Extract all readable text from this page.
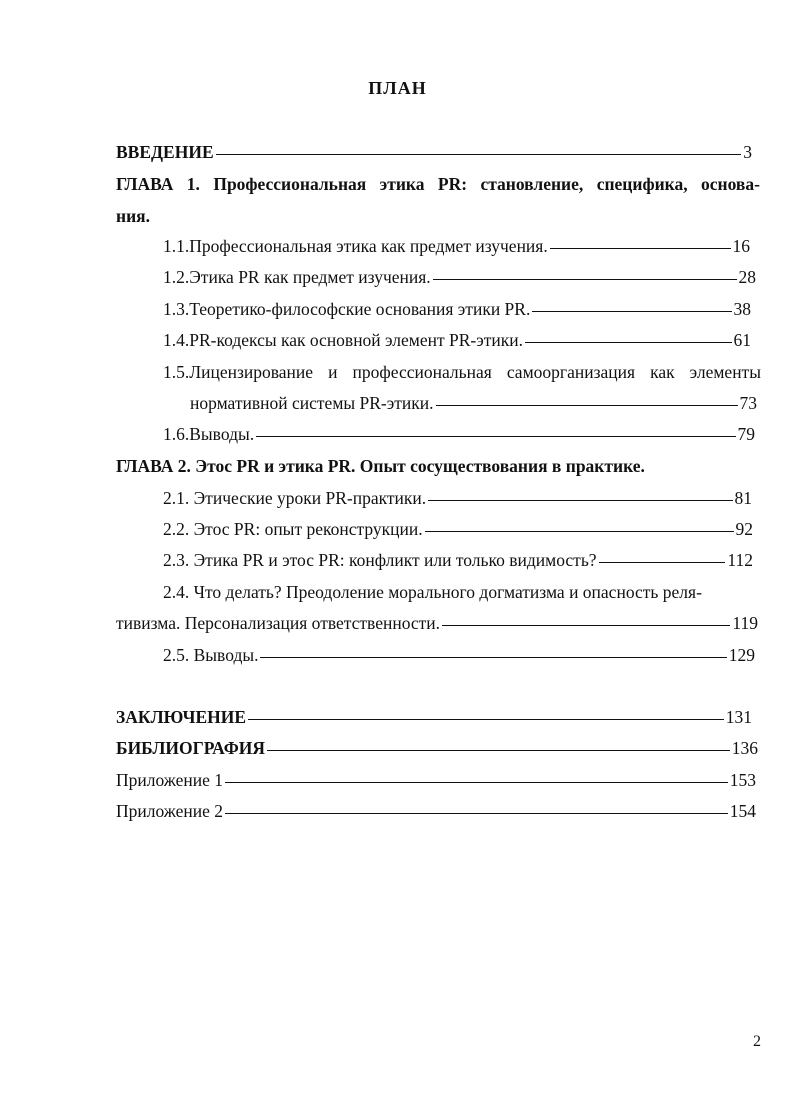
ПЛАН
ВВЕДЕНИЕ	3
ГЛАВА 1. Профессиональная этика PR: становление, специфика, основа-
ния.
1.1.Профессиональная этика как предмет изучения.	16
1.2.Этика PR как предмет изучения.	28
1.3.Теоретико-философские основания этики PR.	38
1.4.PR-кодексы как основной элемент PR-этики.	61
1.5.Лицензирование и профессиональная самоорганизация как элементы
нормативной системы PR-этики.	73
1.6.Выводы.	79
ГЛАВА 2. Этос PR и этика PR. Опыт сосуществования в практике.
2.1. Этические уроки PR-практики.	81
2.2. Этос PR: опыт реконструкции.	92
2.3. Этика PR и этос PR: конфликт или только видимость?	112
2.4. Что делать? Преодоление морального догматизма и опасность реля-
тивизма. Персонализация ответственности.	119
2.5. Выводы.	129
ЗАКЛЮЧЕНИЕ	131
БИБЛИОГРАФИЯ	136
Приложение 1	153
Приложение 2	154
2
